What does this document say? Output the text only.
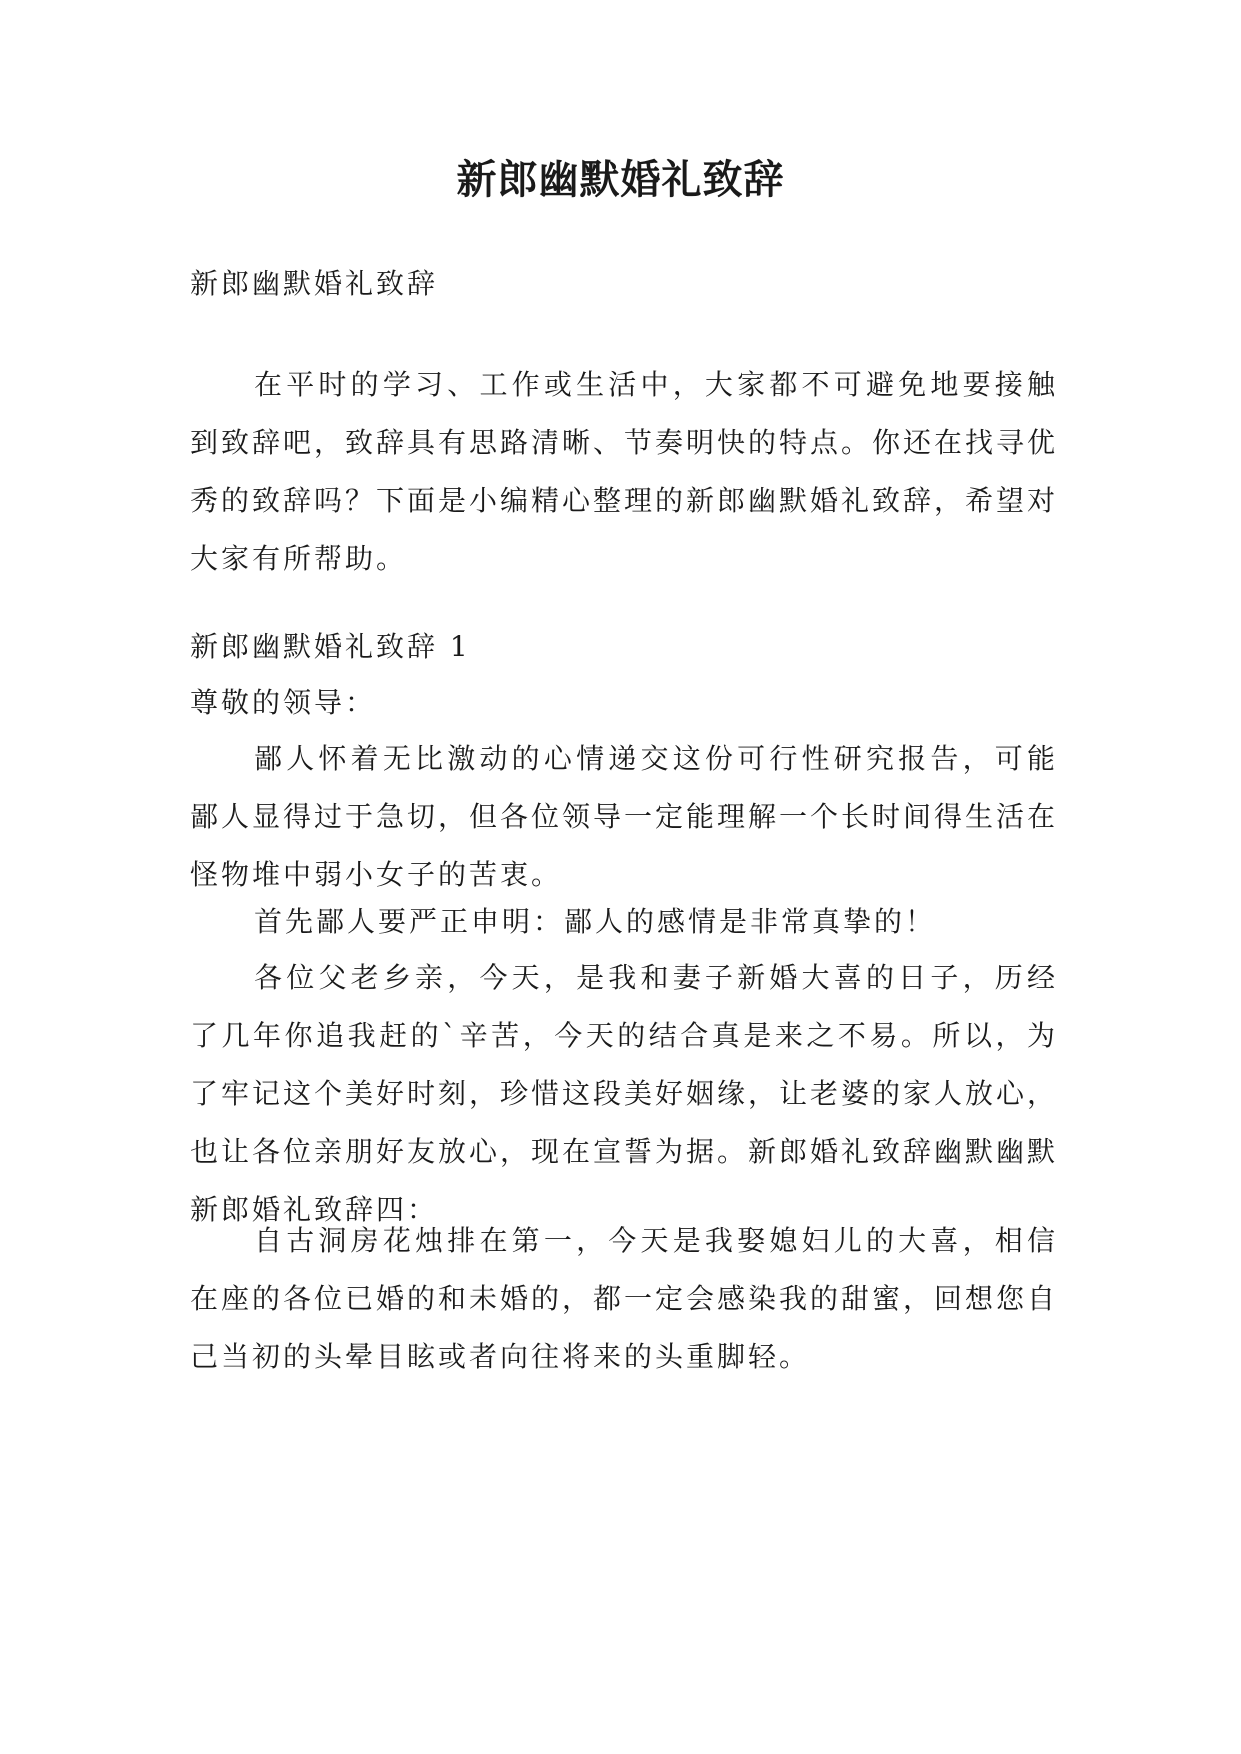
新郎幽默婚礼致辞

新郎幽默婚礼致辞

在平时的学习、工作或生活中，大家都不可避免地要接触到致辞吧，致辞具有思路清晰、节奏明快的特点。你还在找寻优秀的致辞吗？下面是小编精心整理的新郎幽默婚礼致辞，希望对大家有所帮助。

新郎幽默婚礼致辞 1

尊敬的领导：

鄙人怀着无比激动的心情递交这份可行性研究报告，可能鄙人显得过于急切，但各位领导一定能理解一个长时间得生活在怪物堆中弱小女子的苦衷。

首先鄙人要严正申明：鄙人的感情是非常真挚的！

各位父老乡亲，今天，是我和妻子新婚大喜的日子，历经了几年你追我赶的`辛苦，今天的结合真是来之不易。所以，为了牢记这个美好时刻，珍惜这段美好姻缘，让老婆的家人放心，也让各位亲朋好友放心，现在宣誓为据。新郎婚礼致辞幽默幽默新郎婚礼致辞四：

自古洞房花烛排在第一，今天是我娶媳妇儿的大喜，相信在座的各位已婚的和未婚的，都一定会感染我的甜蜜，回想您自己当初的头晕目眩或者向往将来的头重脚轻。
